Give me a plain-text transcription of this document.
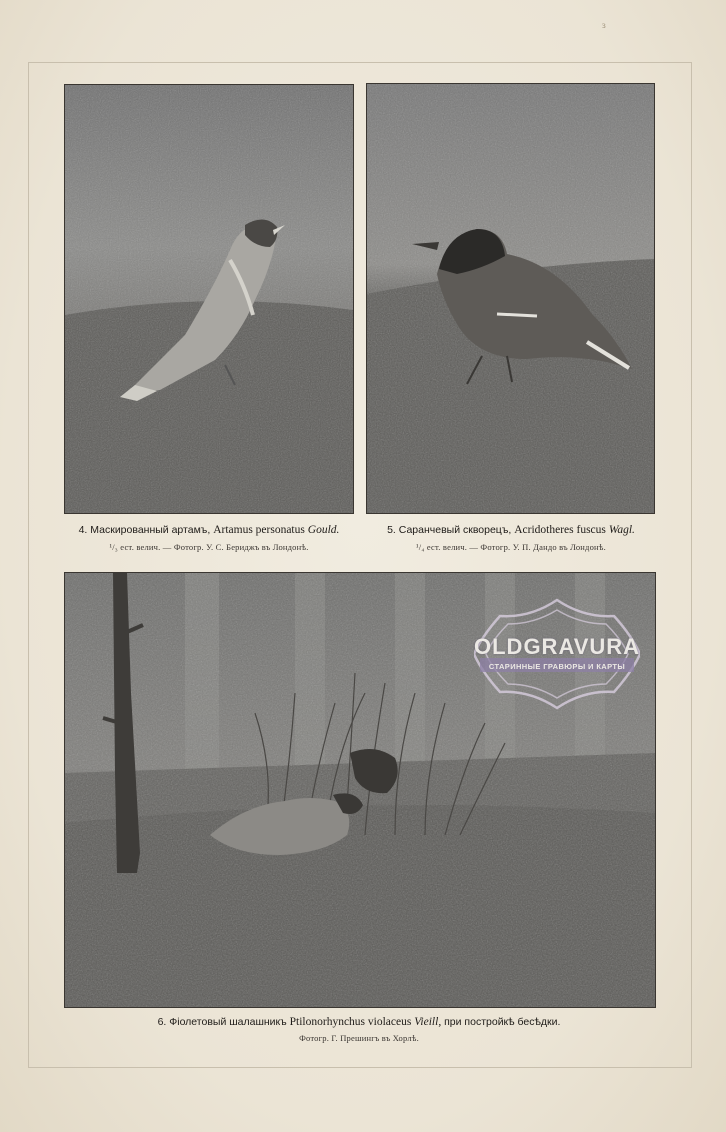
ɜ
OLDGRAVURA
СТАРИННЫЕ ГРАВЮРЫ И КАРТЫ
4. Маскированный артамъ, Artamus personatus Gould.
¹/₃ ест. велич. — Фотогр. У. С. Бериджъ въ Лондонѣ.
5. Саранчевый скворецъ, Acridotheres fuscus Wagl.
¹/₄ ест. велич. — Фотогр. У. П. Дандо въ Лондонѣ.
6. Фіолетовый шалашникъ Ptilonorhynchus violaceus Vieill, при постройкѣ бесѣдки.
Фотогр. Г. Прешингъ въ Хорлѣ.
